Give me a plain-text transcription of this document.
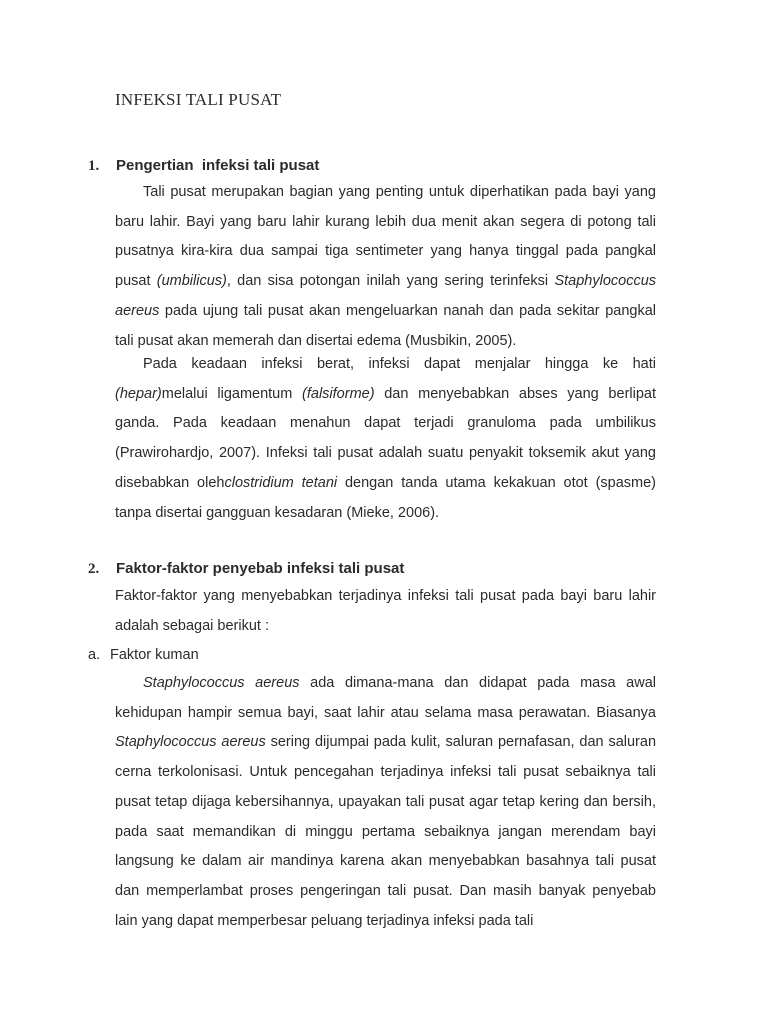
INFEKSI TALI PUSAT
1. Pengertian  infeksi tali pusat

Tali pusat merupakan bagian yang penting untuk diperhatikan pada bayi yang baru lahir. Bayi yang baru lahir kurang lebih dua menit akan segera di potong tali pusatnya kira-kira dua sampai tiga sentimeter yang hanya tinggal pada pangkal pusat (umbilicus), dan sisa potongan inilah yang sering terinfeksi Staphylococcus aereus pada ujung tali pusat akan mengeluarkan nanah dan pada sekitar pangkal tali pusat akan memerah dan disertai edema (Musbikin, 2005).

Pada keadaan infeksi berat, infeksi dapat menjalar hingga ke hati (hepar)melalui ligamentum (falsiforme) dan menyebabkan abses yang berlipat ganda. Pada keadaan menahun dapat terjadi granuloma pada umbilikus (Prawirohardjo, 2007). Infeksi tali pusat adalah suatu penyakit toksemik akut yang disebabkan olehclostridium tetani dengan tanda utama kekakuan otot (spasme) tanpa disertai gangguan kesadaran (Mieke, 2006).

2. Faktor-faktor penyebab infeksi tali pusat

Faktor-faktor yang menyebabkan terjadinya infeksi tali pusat pada bayi baru lahir adalah sebagai berikut :

a. Faktor kuman

Staphylococcus aereus ada dimana-mana dan didapat pada masa awal kehidupan hampir semua bayi, saat lahir atau selama masa perawatan. Biasanya Staphylococcus aereus sering dijumpai pada kulit, saluran pernafasan, dan saluran cerna terkolonisasi. Untuk pencegahan terjadinya infeksi tali pusat sebaiknya tali pusat tetap dijaga kebersihannya, upayakan tali pusat agar tetap kering dan bersih, pada saat memandikan di minggu pertama sebaiknya jangan merendam bayi langsung ke dalam air mandinya karena akan menyebabkan basahnya tali pusat dan memperlambat proses pengeringan tali pusat. Dan masih banyak penyebab lain yang dapat memperbesar peluang terjadinya infeksi pada tali
